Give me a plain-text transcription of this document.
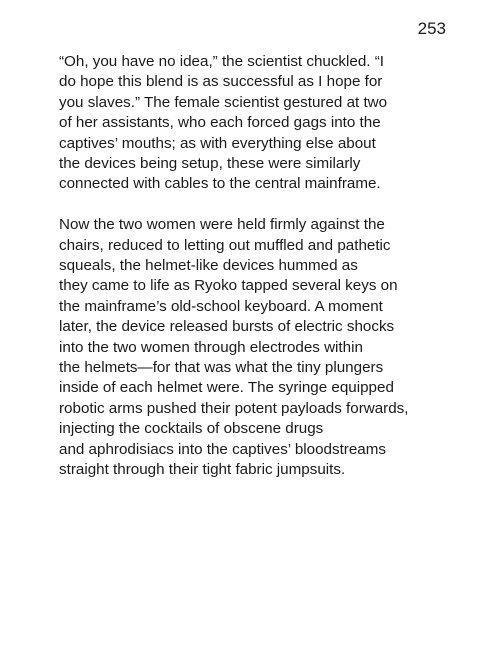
253

“Oh, you have no idea,” the scientist chuckled. “I
do hope this blend is as successful as I hope for
you slaves.” The female scientist gestured at two
of her assistants, who each forced gags into the
captives’ mouths; as with everything else about
the devices being setup, these were similarly
connected with cables to the central mainframe.

Now the two women were held firmly against the
chairs, reduced to letting out muffled and pathetic
squeals, the helmet-like devices hummed as
they came to life as Ryoko tapped several keys on
the mainframe’s old-school keyboard. A moment
later, the device released bursts of electric shocks
into the two women through electrodes within
the helmets—for that was what the tiny plungers
inside of each helmet were. The syringe equipped
robotic arms pushed their potent payloads forwards,
injecting the cocktails of obscene drugs
and aphrodisiacs into the captives’ bloodstreams
straight through their tight fabric jumpsuits.
